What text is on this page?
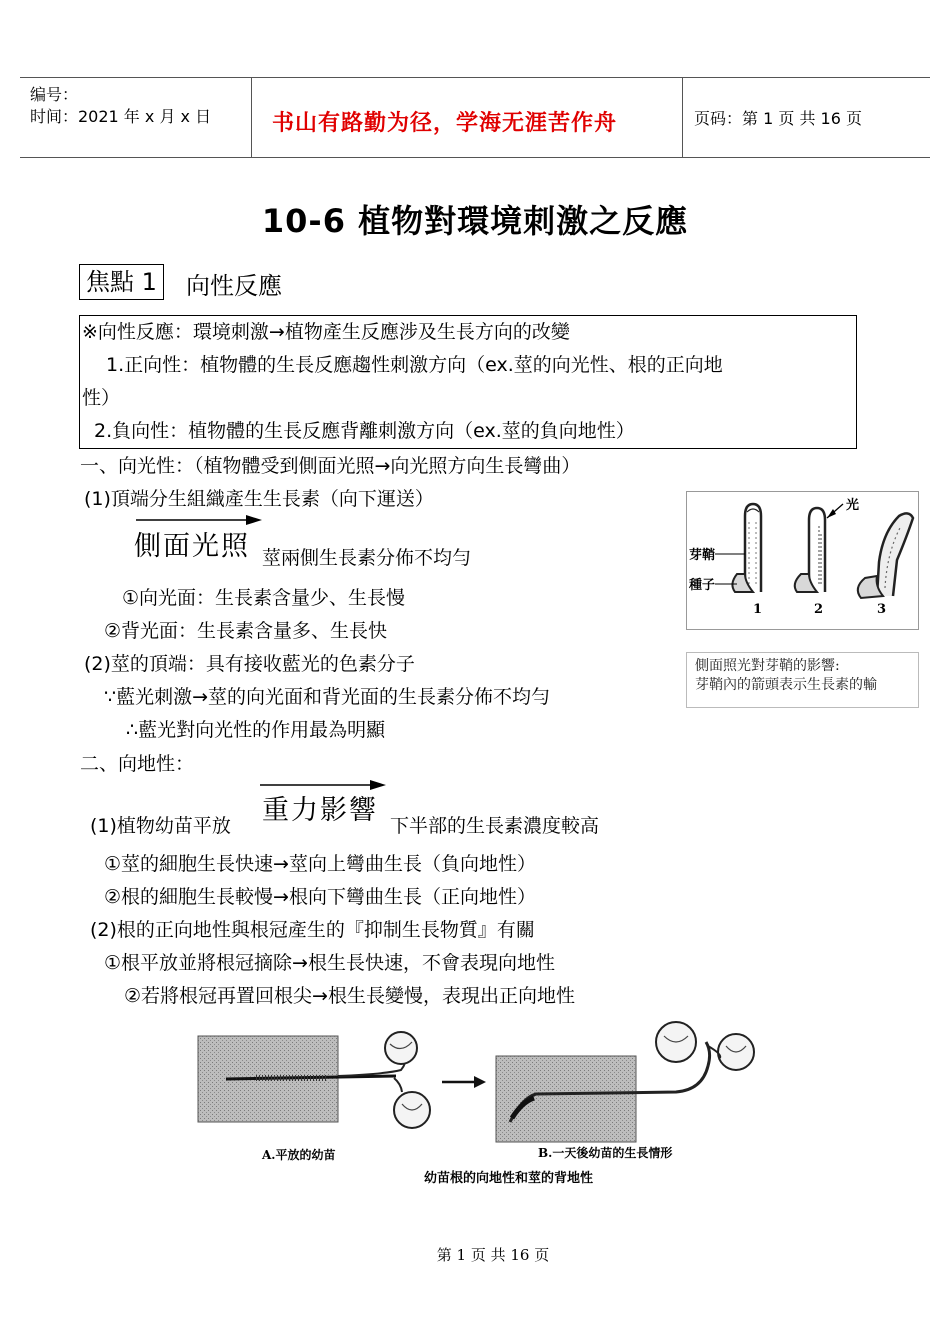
编号：
时间：2021 年 x 月 x 日	书山有路勤为径，学海无涯苦作舟	页码：第 1 页 共 16 页
10-6 植物對環境刺激之反應
焦點 1 向性反應
※向性反應：環境刺激→植物產生反應涉及生長方向的改變
1.正向性：植物體的生長反應趨性刺激方向（ex.莖的向光性、根的正向地
性）
2.負向性：植物體的生長反應背離刺激方向（ex.莖的負向地性）
一、向光性：（植物體受到側面光照→向光照方向生長彎曲）
(1)頂端分生組織產生生長素（向下運送）
側面光照 莖兩側生長素分佈不均勻
①向光面：生長素含量少、生長慢
②背光面：生長素含量多、生長快
(2)莖的頂端：具有接收藍光的色素分子
∵藍光刺激→莖的向光面和背光面的生長素分佈不均勻
∴藍光對向光性的作用最為明顯
光
芽鞘
種子
1	2	3
側面照光對芽鞘的影響:
芽鞘內的箭頭表示生長素的輸
二、向地性：
重力影響
(1)植物幼苗平放	下半部的生長素濃度較高
①莖的細胞生長快速→莖向上彎曲生長（負向地性）
②根的細胞生長較慢→根向下彎曲生長（正向地性）
(2)根的正向地性與根冠產生的『抑制生長物質』有關
①根平放並將根冠摘除→根生長快速，不會表現向地性
②若將根冠再置回根尖→根生長變慢，表現出正向地性
A.平放的幼苗	B.一天後幼苗的生長情形
幼苗根的向地性和莖的背地性
第 1 页 共 16 页
